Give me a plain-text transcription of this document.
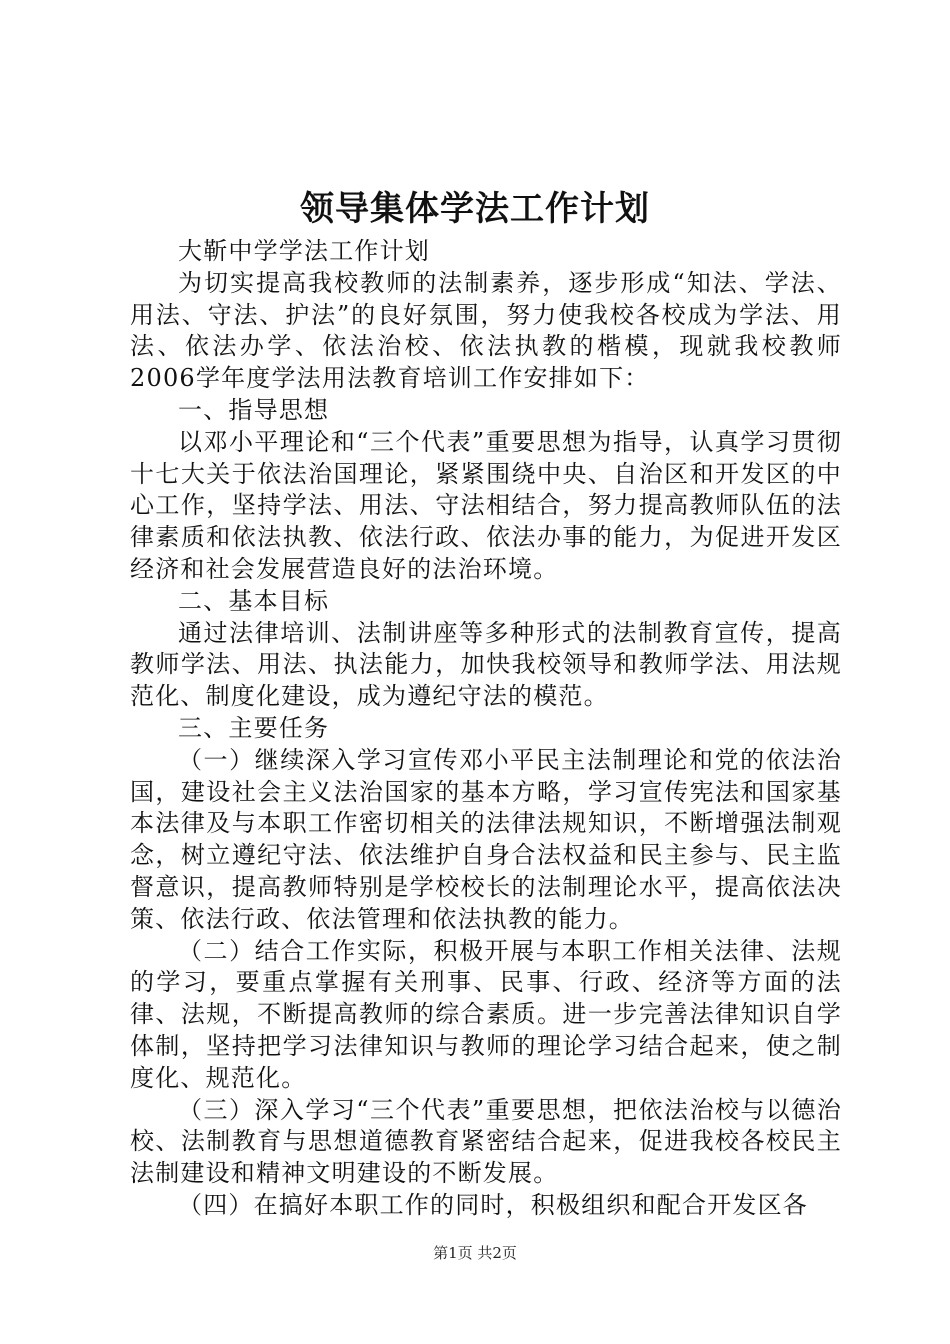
领导集体学法工作计划

大靳中学学法工作计划

为切实提高我校教师的法制素养，逐步形成“知法、学法、用法、守法、护法”的良好氛围，努力使我校各校成为学法、用法、依法办学、依法治校、依法执教的楷模，现就我校教师2006学年度学法用法教育培训工作安排如下：

一、指导思想

以邓小平理论和“三个代表”重要思想为指导，认真学习贯彻十七大关于依法治国理论，紧紧围绕中央、自治区和开发区的中心工作，坚持学法、用法、守法相结合，努力提高教师队伍的法律素质和依法执教、依法行政、依法办事的能力，为促进开发区经济和社会发展营造良好的法治环境。

二、基本目标

通过法律培训、法制讲座等多种形式的法制教育宣传，提高教师学法、用法、执法能力，加快我校领导和教师学法、用法规范化、制度化建设，成为遵纪守法的模范。

三、主要任务

（一）继续深入学习宣传邓小平民主法制理论和党的依法治国，建设社会主义法治国家的基本方略，学习宣传宪法和国家基本法律及与本职工作密切相关的法律法规知识，不断增强法制观念，树立遵纪守法、依法维护自身合法权益和民主参与、民主监督意识，提高教师特别是学校校长的法制理论水平，提高依法决策、依法行政、依法管理和依法执教的能力。

（二）结合工作实际，积极开展与本职工作相关法律、法规的学习，要重点掌握有关刑事、民事、行政、经济等方面的法律、法规，不断提高教师的综合素质。进一步完善法律知识自学体制，坚持把学习法律知识与教师的理论学习结合起来，使之制度化、规范化。

（三）深入学习“三个代表”重要思想，把依法治校与以德治校、法制教育与思想道德教育紧密结合起来，促进我校各校民主法制建设和精神文明建设的不断发展。

（四）在搞好本职工作的同时，积极组织和配合开发区各

第1页 共2页
